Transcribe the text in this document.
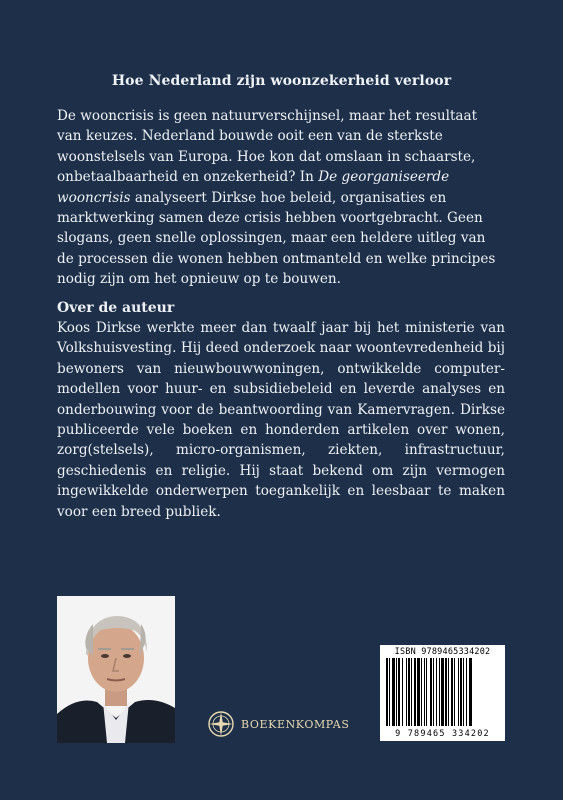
Hoe Nederland zijn woonzekerheid verloor

De wooncrisis is geen natuurverschijnsel, maar het resultaat van keuzes. Nederland bouwde ooit een van de sterkste woonstelsels van Europa. Hoe kon dat omslaan in schaarste, onbetaalbaarheid en onzekerheid? In De georganiseerde wooncrisis analyseert Dirkse hoe beleid, organisaties en marktwerking samen deze crisis hebben voortgebracht. Geen slogans, geen snelle oplossingen, maar een heldere uitleg van de processen die wonen hebben ontmanteld en welke principes nodig zijn om het opnieuw op te bouwen.

Over de auteur
Koos Dirkse werkte meer dan twaalf jaar bij het ministerie van Volkshuisvesting. Hij deed onderzoek naar woontevredenheid bij bewoners van nieuwbouwwoningen, ontwikkelde computer-modellen voor huur- en subsidiebeleid en leverde analyses en onderbouwing voor de beantwoording van Kamervragen. Dirkse publiceerde vele boeken en honderden artikelen over wonen, zorg(stelsels), micro-organismen, ziekten, infrastructuur, geschiedenis en religie. Hij staat bekend om zijn vermogen ingewikkelde onderwerpen toegankelijk en leesbaar te maken voor een breed publiek.
BOEKENKOMPAS
ISBN 9789465334202
9 789465 334202
